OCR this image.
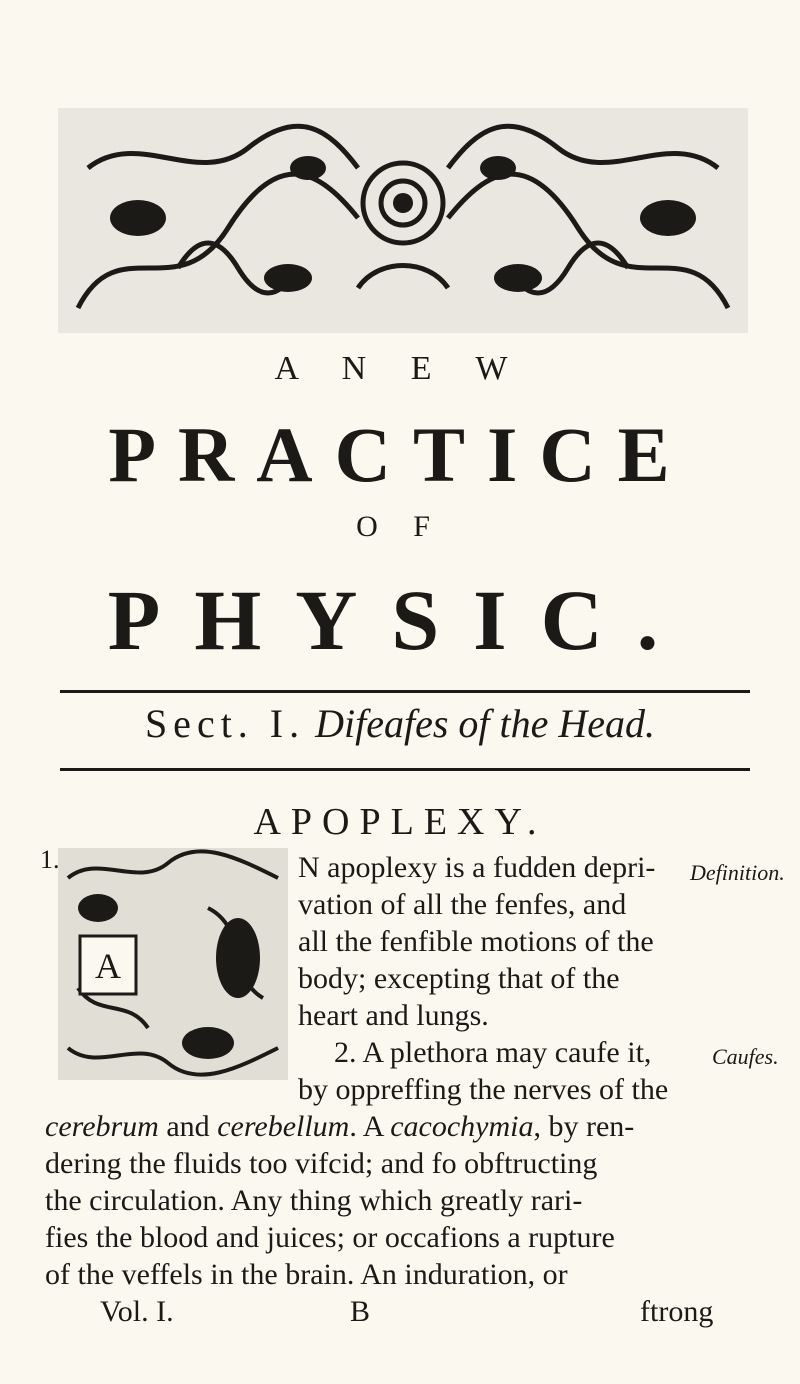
A N E W
PRACTICE
O F
PHYSIC.
Sect. I. Difeafes of the Head.
APOPLEXY.
1.
A
N apoplexy is a fudden depri-
vation of all the fenfes, and
all the fenfible motions of the
body; excepting that of the
heart and lungs.
2. A plethora may caufe it,
by oppreffing the nerves of the
cerebrum and cerebellum. A cacochymia, by ren-
dering the fluids too vifcid; and fo obftructing
the circulation. Any thing which greatly rari-
fies the blood and juices; or occafions a rupture
of the veffels in the brain. An induration, or
Vol. I.	B	ftrong
Definition.
Caufes.
